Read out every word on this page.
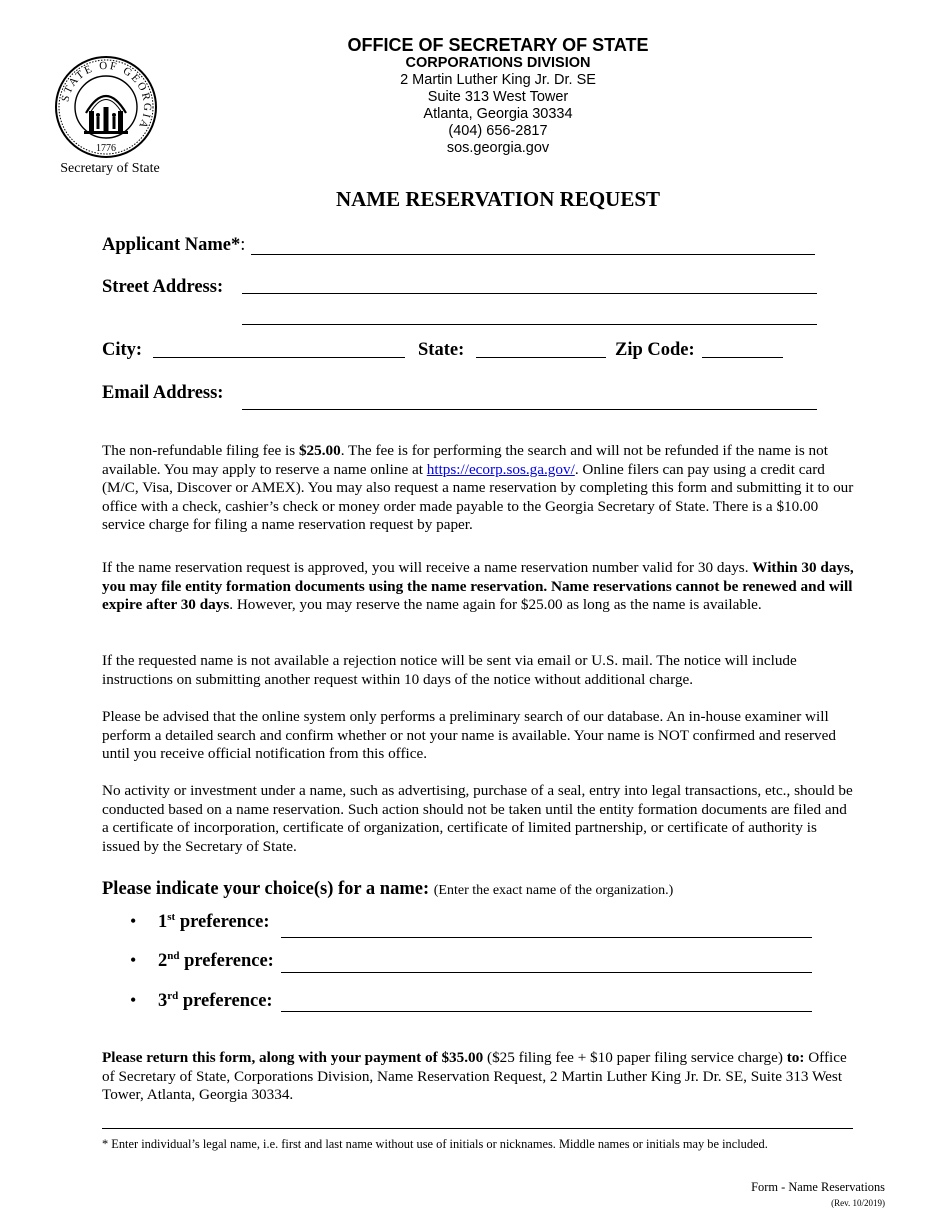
STATE OF GEORGIA
1776
Secretary of State
OFFICE OF SECRETARY OF STATE
CORPORATIONS DIVISION
2 Martin Luther King Jr. Dr. SE
Suite 313 West Tower
Atlanta, Georgia 30334
(404) 656-2817
sos.georgia.gov
NAME RESERVATION REQUEST
Applicant Name*:
Street Address:
City:	State:	Zip Code:
Email Address:
The non-refundable filing fee is $25.00. The fee is for performing the search and will not be refunded if the name is not available. You may apply to reserve a name online at https://ecorp.sos.ga.gov/. Online filers can pay using a credit card (M/C, Visa, Discover or AMEX). You may also request a name reservation by completing this form and submitting it to our office with a check, cashier’s check or money order made payable to the Georgia Secretary of State. There is a $10.00 service charge for filing a name reservation request by paper.
If the name reservation request is approved, you will receive a name reservation number valid for 30 days. Within 30 days, you may file entity formation documents using the name reservation. Name reservations cannot be renewed and will expire after 30 days. However, you may reserve the name again for $25.00 as long as the name is available.
If the requested name is not available a rejection notice will be sent via email or U.S. mail. The notice will include instructions on submitting another request within 10 days of the notice without additional charge.
Please be advised that the online system only performs a preliminary search of our database. An in-house examiner will perform a detailed search and confirm whether or not your name is available. Your name is NOT confirmed and reserved until you receive official notification from this office.
No activity or investment under a name, such as advertising, purchase of a seal, entry into legal transactions, etc., should be conducted based on a name reservation. Such action should not be taken until the entity formation documents are filed and a certificate of incorporation, certificate of organization, certificate of limited partnership, or certificate of authority is issued by the Secretary of State.
Please indicate your choice(s) for a name: (Enter the exact name of the organization.)
• 1st preference:
• 2nd preference:
• 3rd preference:
Please return this form, along with your payment of $35.00 ($25 filing fee + $10 paper filing service charge) to: Office of Secretary of State, Corporations Division, Name Reservation Request, 2 Martin Luther King Jr. Dr. SE, Suite 313 West Tower, Atlanta, Georgia 30334.
* Enter individual’s legal name, i.e. first and last name without use of initials or nicknames. Middle names or initials may be included.
Form - Name Reservations
(Rev. 10/2019)
